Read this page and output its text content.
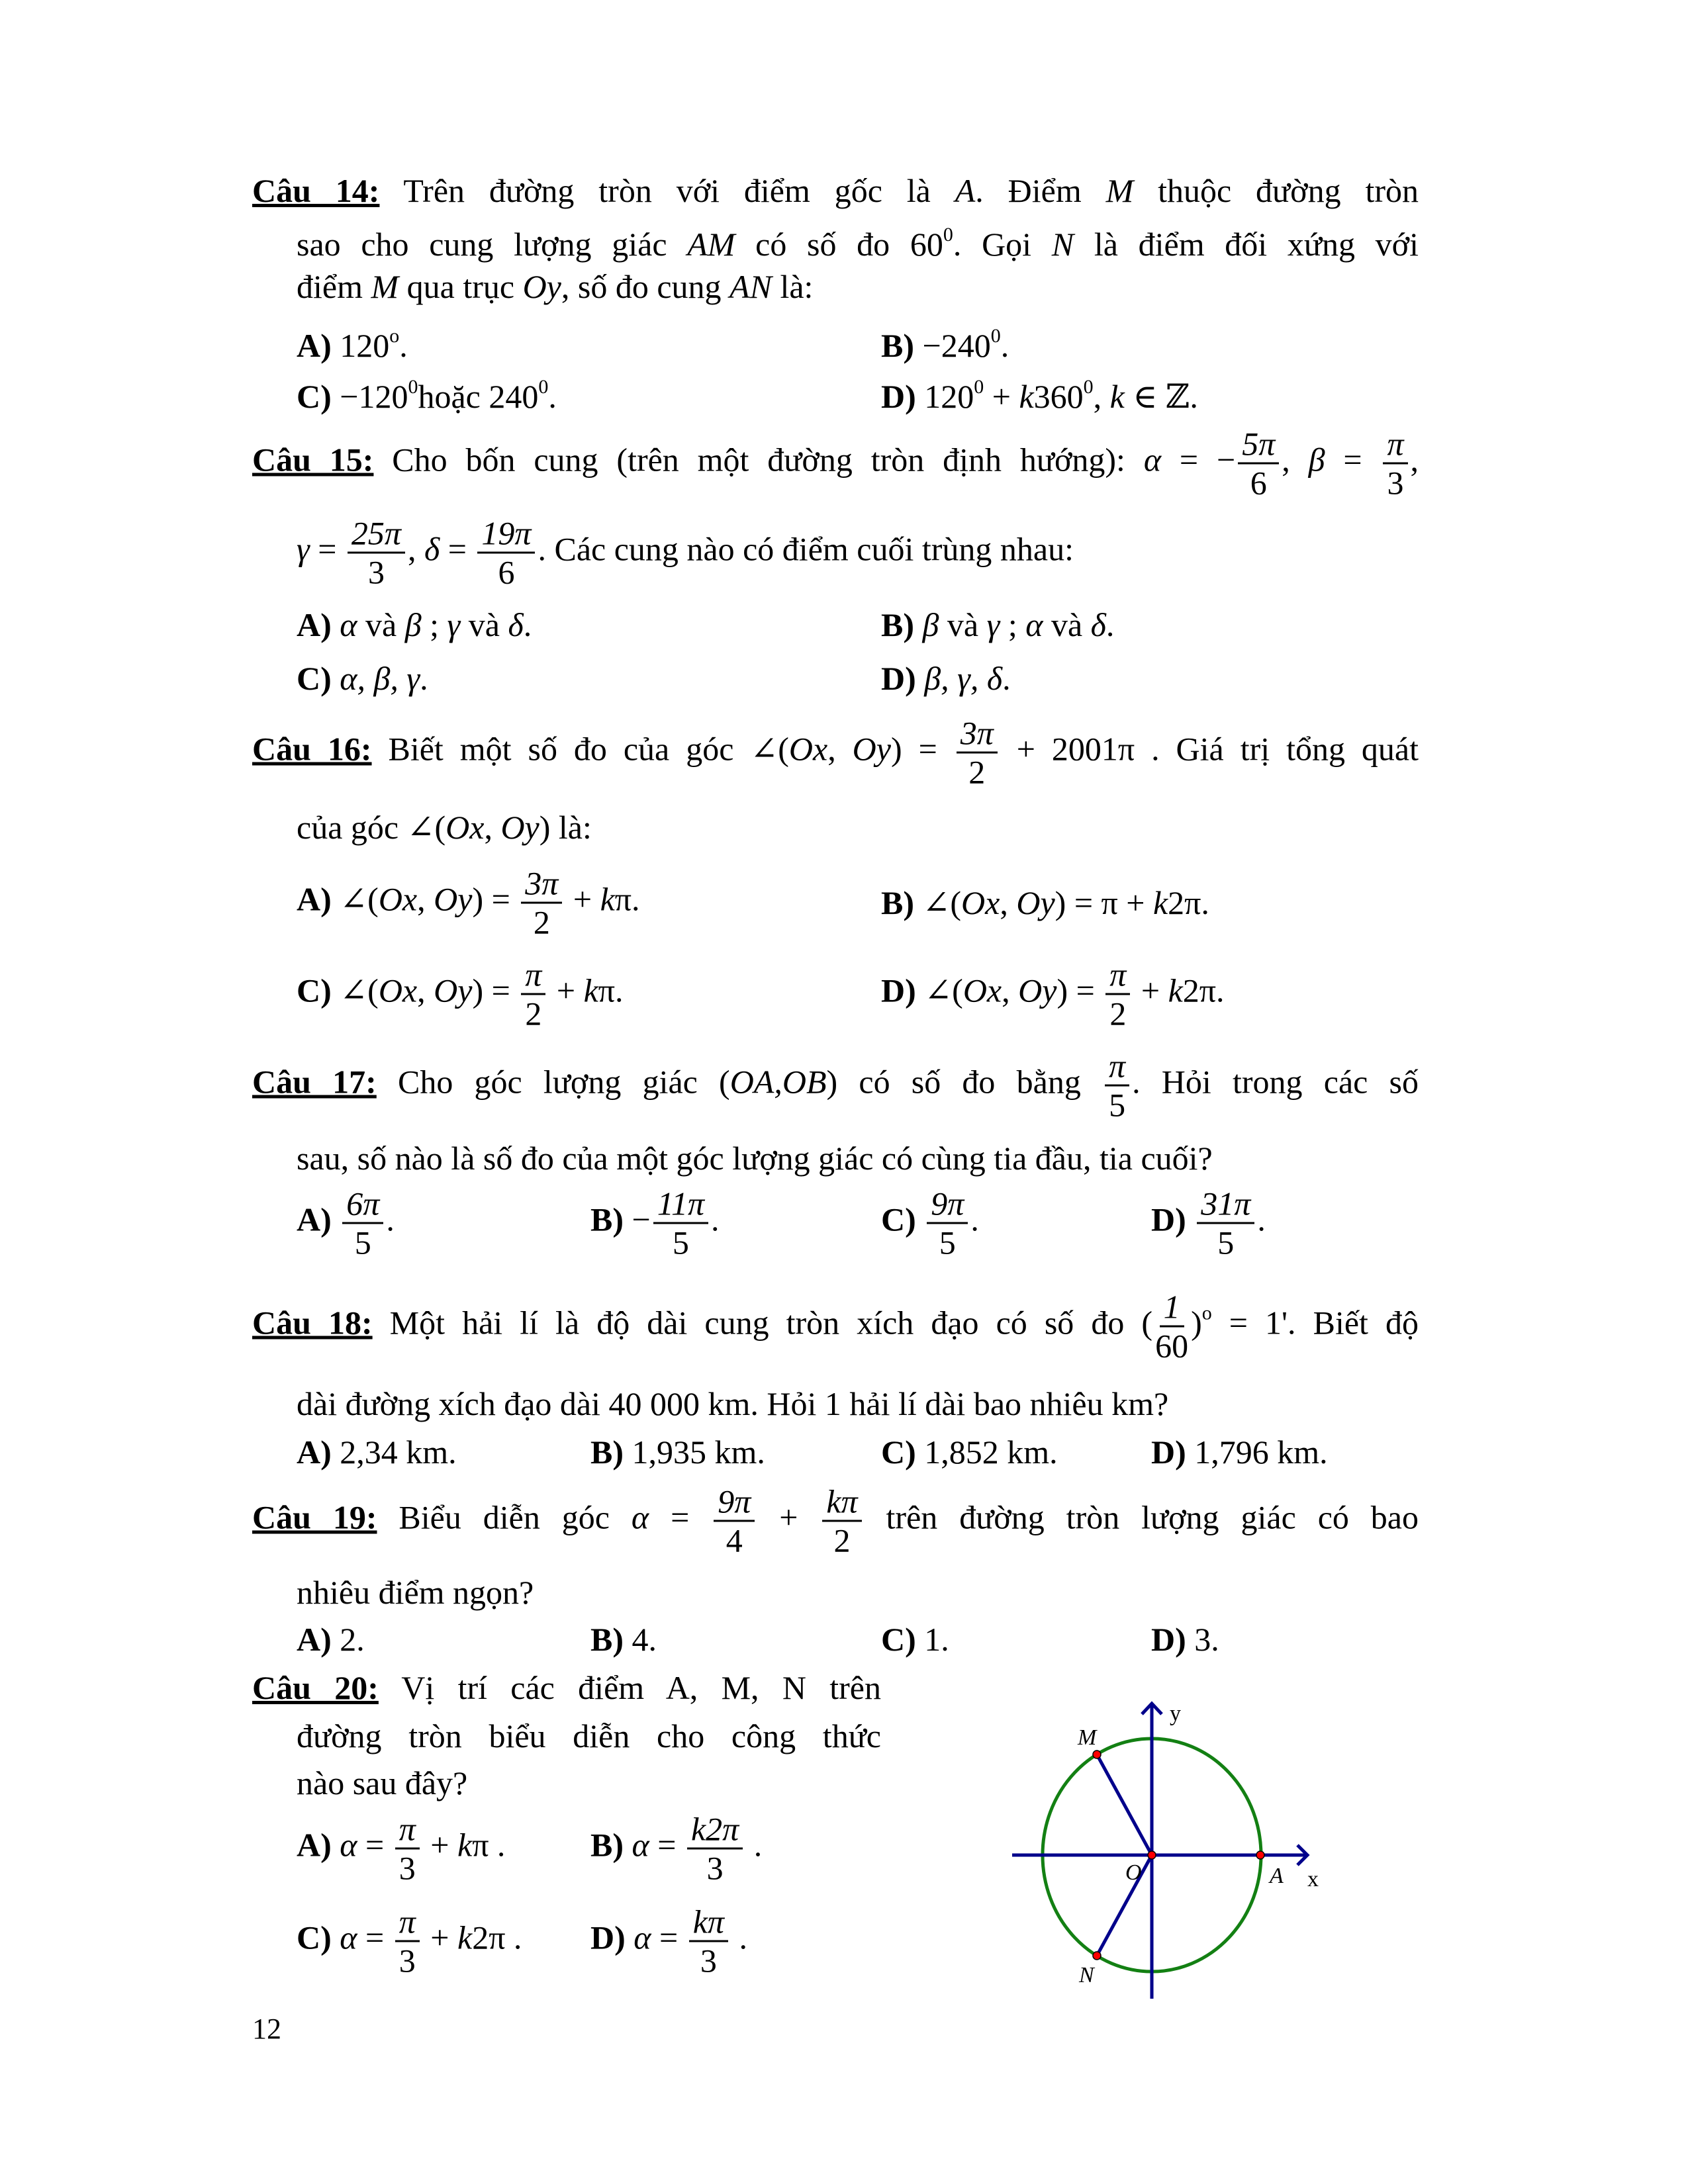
Câu 14: Trên đường tròn với điểm gốc là A. Điểm M thuộc đường tròn
sao cho cung lượng giác AM có số đo $60^0$. Gọi N là điểm đối xứng với
điểm M qua trục Oy, số đo cung AN là:
A) 120$^o$.	$B) -240^0$.
$C) -120^0hoặc$ $240^0$.	D) $120^0 + k360^0$, k ∈ ℤ.
Câu 15: Cho bốn cung (trên một đường tròn định hướng): α = − $\frac{5\pi}{6}$ , $\beta = \frac{\pi}{3}$ ,
$\gamma = \frac{25\pi}{3}$ , $\delta = \frac{19\pi}{6}$ . Các cung nào có điểm cuối trùng nhau:
A) α và β ; γ và δ.	B) β và γ ; α và δ.
C) α, β, γ.	D) β, γ, δ.
Câu 16: Biết một số đo của góc ∠(Ox, $Oy) = \frac{3\pi}{2} + 2001\pi$ . Giá trị tổng quát
của góc ∠(Ox, Oy) là:
A) ∠(Ox, $Oy) = \frac{3\pi}{2} + k\pi$.	B) ∠(Ox, Oy) = π + k2π.
C) ∠(Ox, $Oy) = \frac{\pi}{2} + k\pi$.	D) ∠(Ox, $Oy) = \frac{\pi}{2} + k2\pi$.
Câu 17: Cho góc lượng giác (OA,OB) có số đo bằng $\frac{\pi}{5}$ . Hỏi trong các số
sau, số nào là số đo của một góc lượng giác có cùng tia đầu, tia cuối?
$A) \frac{6\pi}{5}$ .	$B) - \frac{11\pi}{5}$ .	$C) \frac{9\pi}{5}$ .	$D) \frac{31\pi}{5}$ .
Câu 18: Một hải lí là độ dài cung tròn xích đạo có số đo ( $\frac{1}{60} )^o = 1'$. Biết độ
dài đường xích đạo dài 40 000 km. Hỏi 1 hải lí dài bao nhiêu km?
A) 2,34 km.	B) 1,935 km.	C) 1,852 km.	D) 1,796 km.
Câu 19: Biểu diễn góc $\alpha = \frac{9\pi}{4} + \frac{k\pi}{2}$ trên đường tròn lượng giác có bao
nhiêu điểm ngọn?
A) 2.	B) 4.	C) 1.	D) 3.
Câu 20: Vị trí các điểm A, M, N trên
đường tròn biểu diễn cho công thức
nào sau đây?
A) $\alpha = \frac{\pi}{3} + k\pi$ .	B) $\alpha = \frac{k2\pi}{3}$ .
C) $\alpha = \frac{\pi}{3} + k2\pi$ . D) $\alpha = \frac{k\pi}{3}$ .
12
M
N
O	A x
y
